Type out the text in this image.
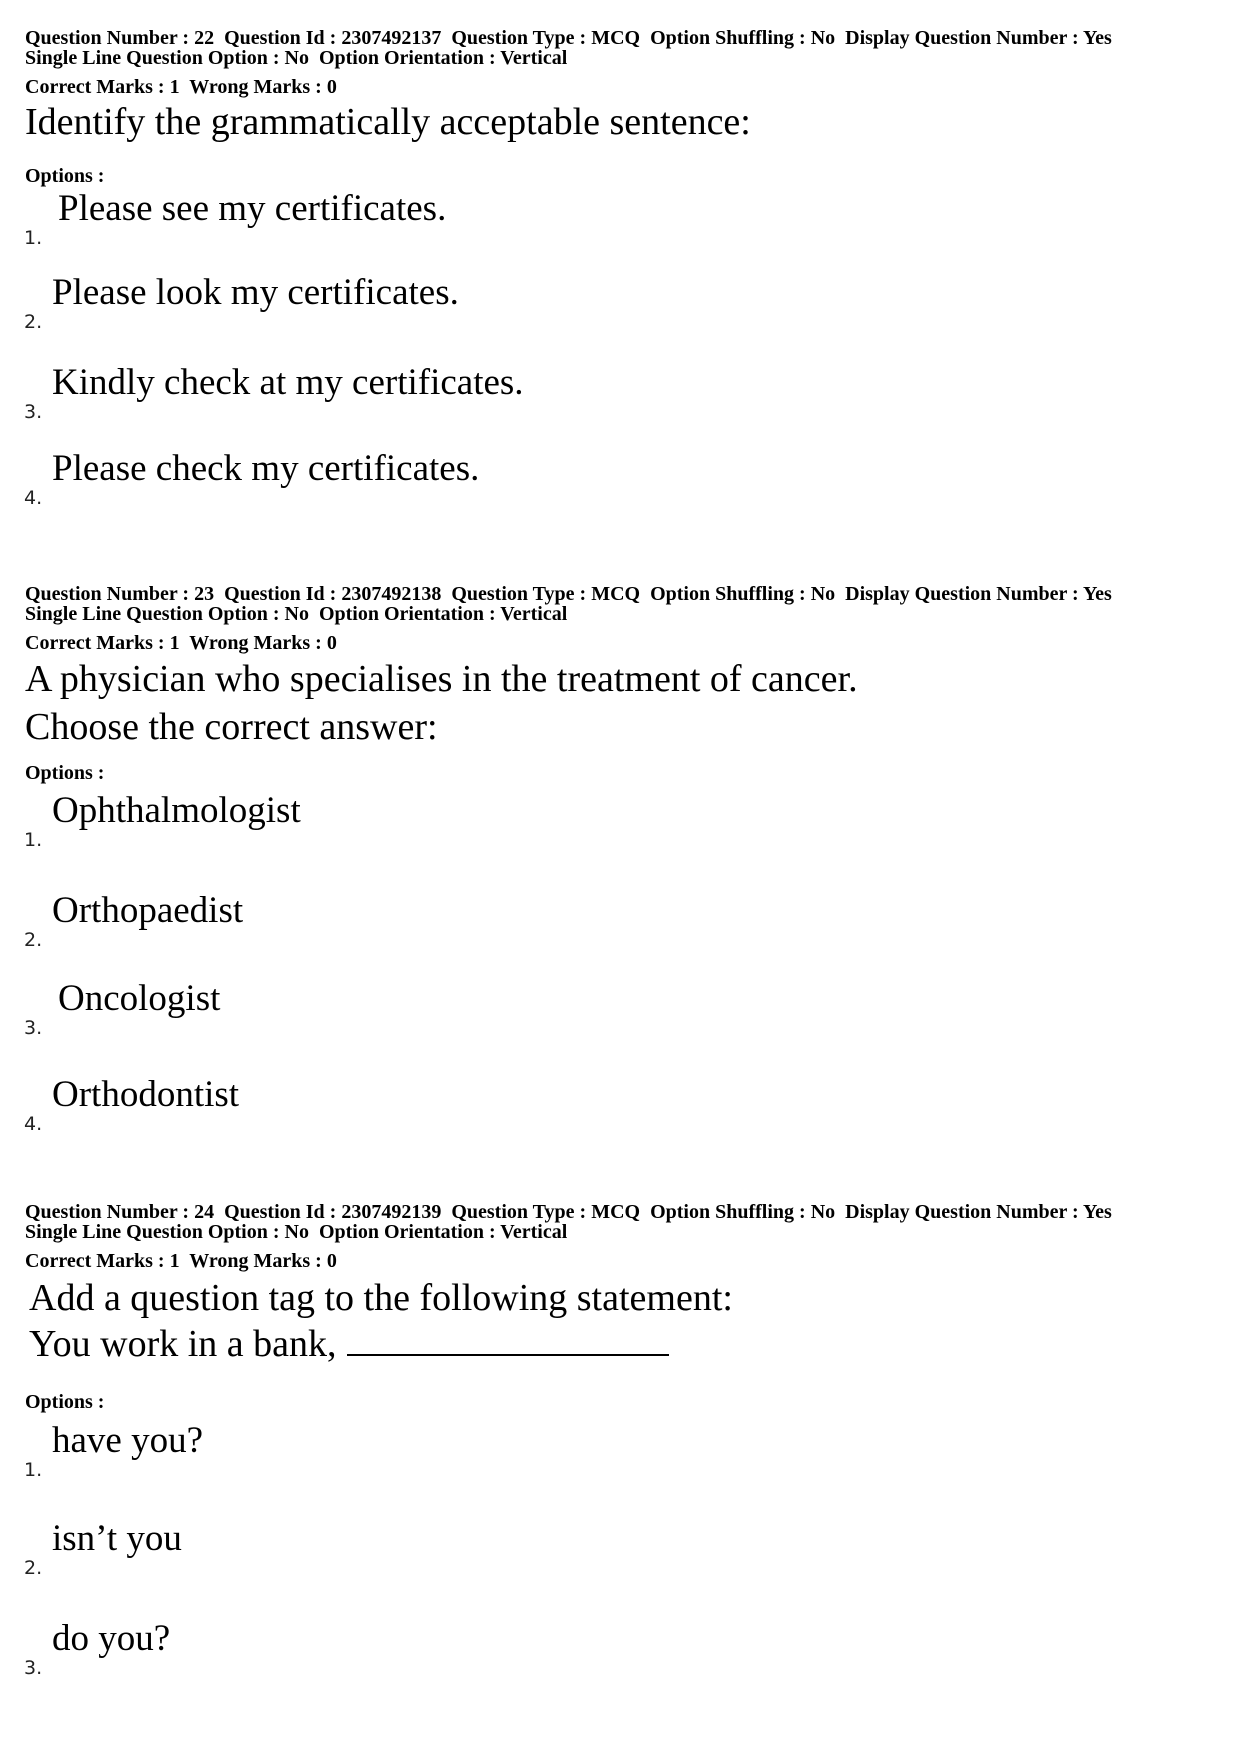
Question Number : 22 Question Id : 2307492137 Question Type : MCQ Option Shuffling : No Display Question Number : Yes
Single Line Question Option : No Option Orientation : Vertical
Correct Marks : 1 Wrong Marks : 0
Identify the grammatically acceptable sentence:
Options :
1.
Please see my certificates.
2.
Please look my certificates.
3.
Kindly check at my certificates.
4.
Please check my certificates.
Question Number : 23 Question Id : 2307492138 Question Type : MCQ Option Shuffling : No Display Question Number : Yes
Single Line Question Option : No Option Orientation : Vertical
Correct Marks : 1 Wrong Marks : 0
A physician who specialises in the treatment of cancer.
Choose the correct answer:
Options :
1.
Ophthalmologist
2.
Orthopaedist
3.
Oncologist
4.
Orthodontist
Question Number : 24 Question Id : 2307492139 Question Type : MCQ Option Shuffling : No Display Question Number : Yes
Single Line Question Option : No Option Orientation : Vertical
Correct Marks : 1 Wrong Marks : 0
Add a question tag to the following statement:
You work in a bank,
Options :
1.
have you?
2.
isn’t you
3.
do you?
